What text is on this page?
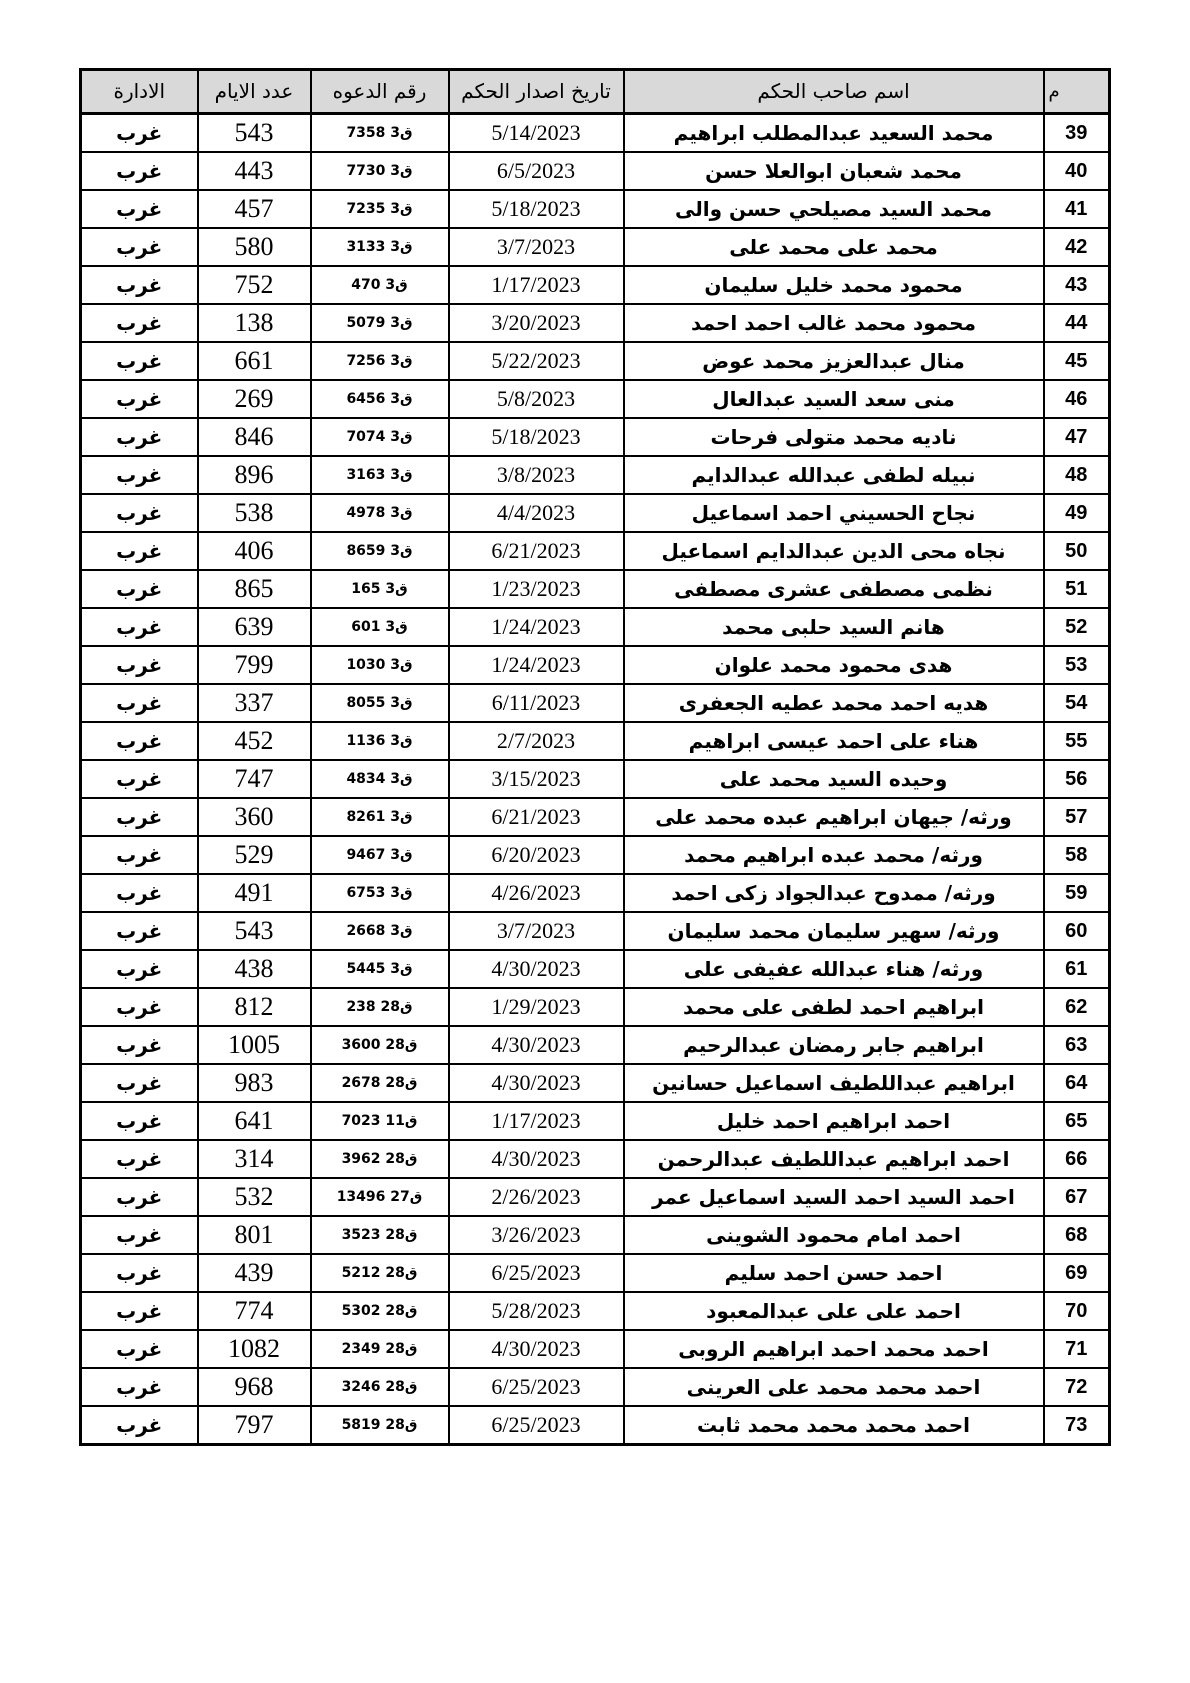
م	اسم صاحب الحكم	تاريخ اصدار الحكم	رقم الدعوه	عدد الايام	الادارة
39	محمد السعيد عبدالمطلب ابراهيم	5/14/2023	7358 ق3	543	غرب
40	محمد شعبان ابوالعلا حسن	6/5/2023	7730 ق3	443	غرب
41	محمد السيد مصيلحي حسن والى	5/18/2023	7235 ق3	457	غرب
42	محمد على محمد على	3/7/2023	3133 ق3	580	غرب
43	محمود محمد خليل سليمان	1/17/2023	470 ق3	752	غرب
44	محمود محمد غالب احمد احمد	3/20/2023	5079 ق3	138	غرب
45	منال عبدالعزيز محمد عوض	5/22/2023	7256 ق3	661	غرب
46	منى سعد السيد عبدالعال	5/8/2023	6456 ق3	269	غرب
47	ناديه محمد متولى فرحات	5/18/2023	7074 ق3	846	غرب
48	نبيله لطفى عبدالله عبدالدايم	3/8/2023	3163 ق3	896	غرب
49	نجاح الحسيني احمد اسماعيل	4/4/2023	4978 ق3	538	غرب
50	نجاه محى الدين عبدالدايم اسماعيل	6/21/2023	8659 ق3	406	غرب
51	نظمى مصطفى عشرى مصطفى	1/23/2023	165 ق3	865	غرب
52	هانم السيد حلبى محمد	1/24/2023	601 ق3	639	غرب
53	هدى محمود محمد علوان	1/24/2023	1030 ق3	799	غرب
54	هديه احمد محمد عطيه الجعفرى	6/11/2023	8055 ق3	337	غرب
55	هناء على احمد عيسى ابراهيم	2/7/2023	1136 ق3	452	غرب
56	وحيده السيد محمد على	3/15/2023	4834 ق3	747	غرب
57	ورثه/ جيهان ابراهيم عبده محمد على	6/21/2023	8261 ق3	360	غرب
58	ورثه/ محمد عبده ابراهيم محمد	6/20/2023	9467 ق3	529	غرب
59	ورثه/ ممدوح عبدالجواد زكى احمد	4/26/2023	6753 ق3	491	غرب
60	ورثه/ سهير سليمان محمد سليمان	3/7/2023	2668 ق3	543	غرب
61	ورثه/ هناء عبدالله عفيفى على	4/30/2023	5445 ق3	438	غرب
62	ابراهيم احمد لطفى على محمد	1/29/2023	238 ق28	812	غرب
63	ابراهيم جابر رمضان عبدالرحيم	4/30/2023	3600 ق28	1005	غرب
64	ابراهيم عبداللطيف اسماعيل حسانين	4/30/2023	2678 ق28	983	غرب
65	احمد ابراهيم احمد خليل	1/17/2023	7023 ق11	641	غرب
66	احمد ابراهيم عبداللطيف عبدالرحمن	4/30/2023	3962 ق28	314	غرب
67	احمد السيد احمد السيد اسماعيل عمر	2/26/2023	13496 ق27	532	غرب
68	احمد امام محمود الشوينى	3/26/2023	3523 ق28	801	غرب
69	احمد حسن احمد سليم	6/25/2023	5212 ق28	439	غرب
70	احمد على على عبدالمعبود	5/28/2023	5302 ق28	774	غرب
71	احمد محمد احمد ابراهيم الروبى	4/30/2023	2349 ق28	1082	غرب
72	احمد محمد محمد على العرينى	6/25/2023	3246 ق28	968	غرب
73	احمد محمد محمد محمد ثابت	6/25/2023	5819 ق28	797	غرب
